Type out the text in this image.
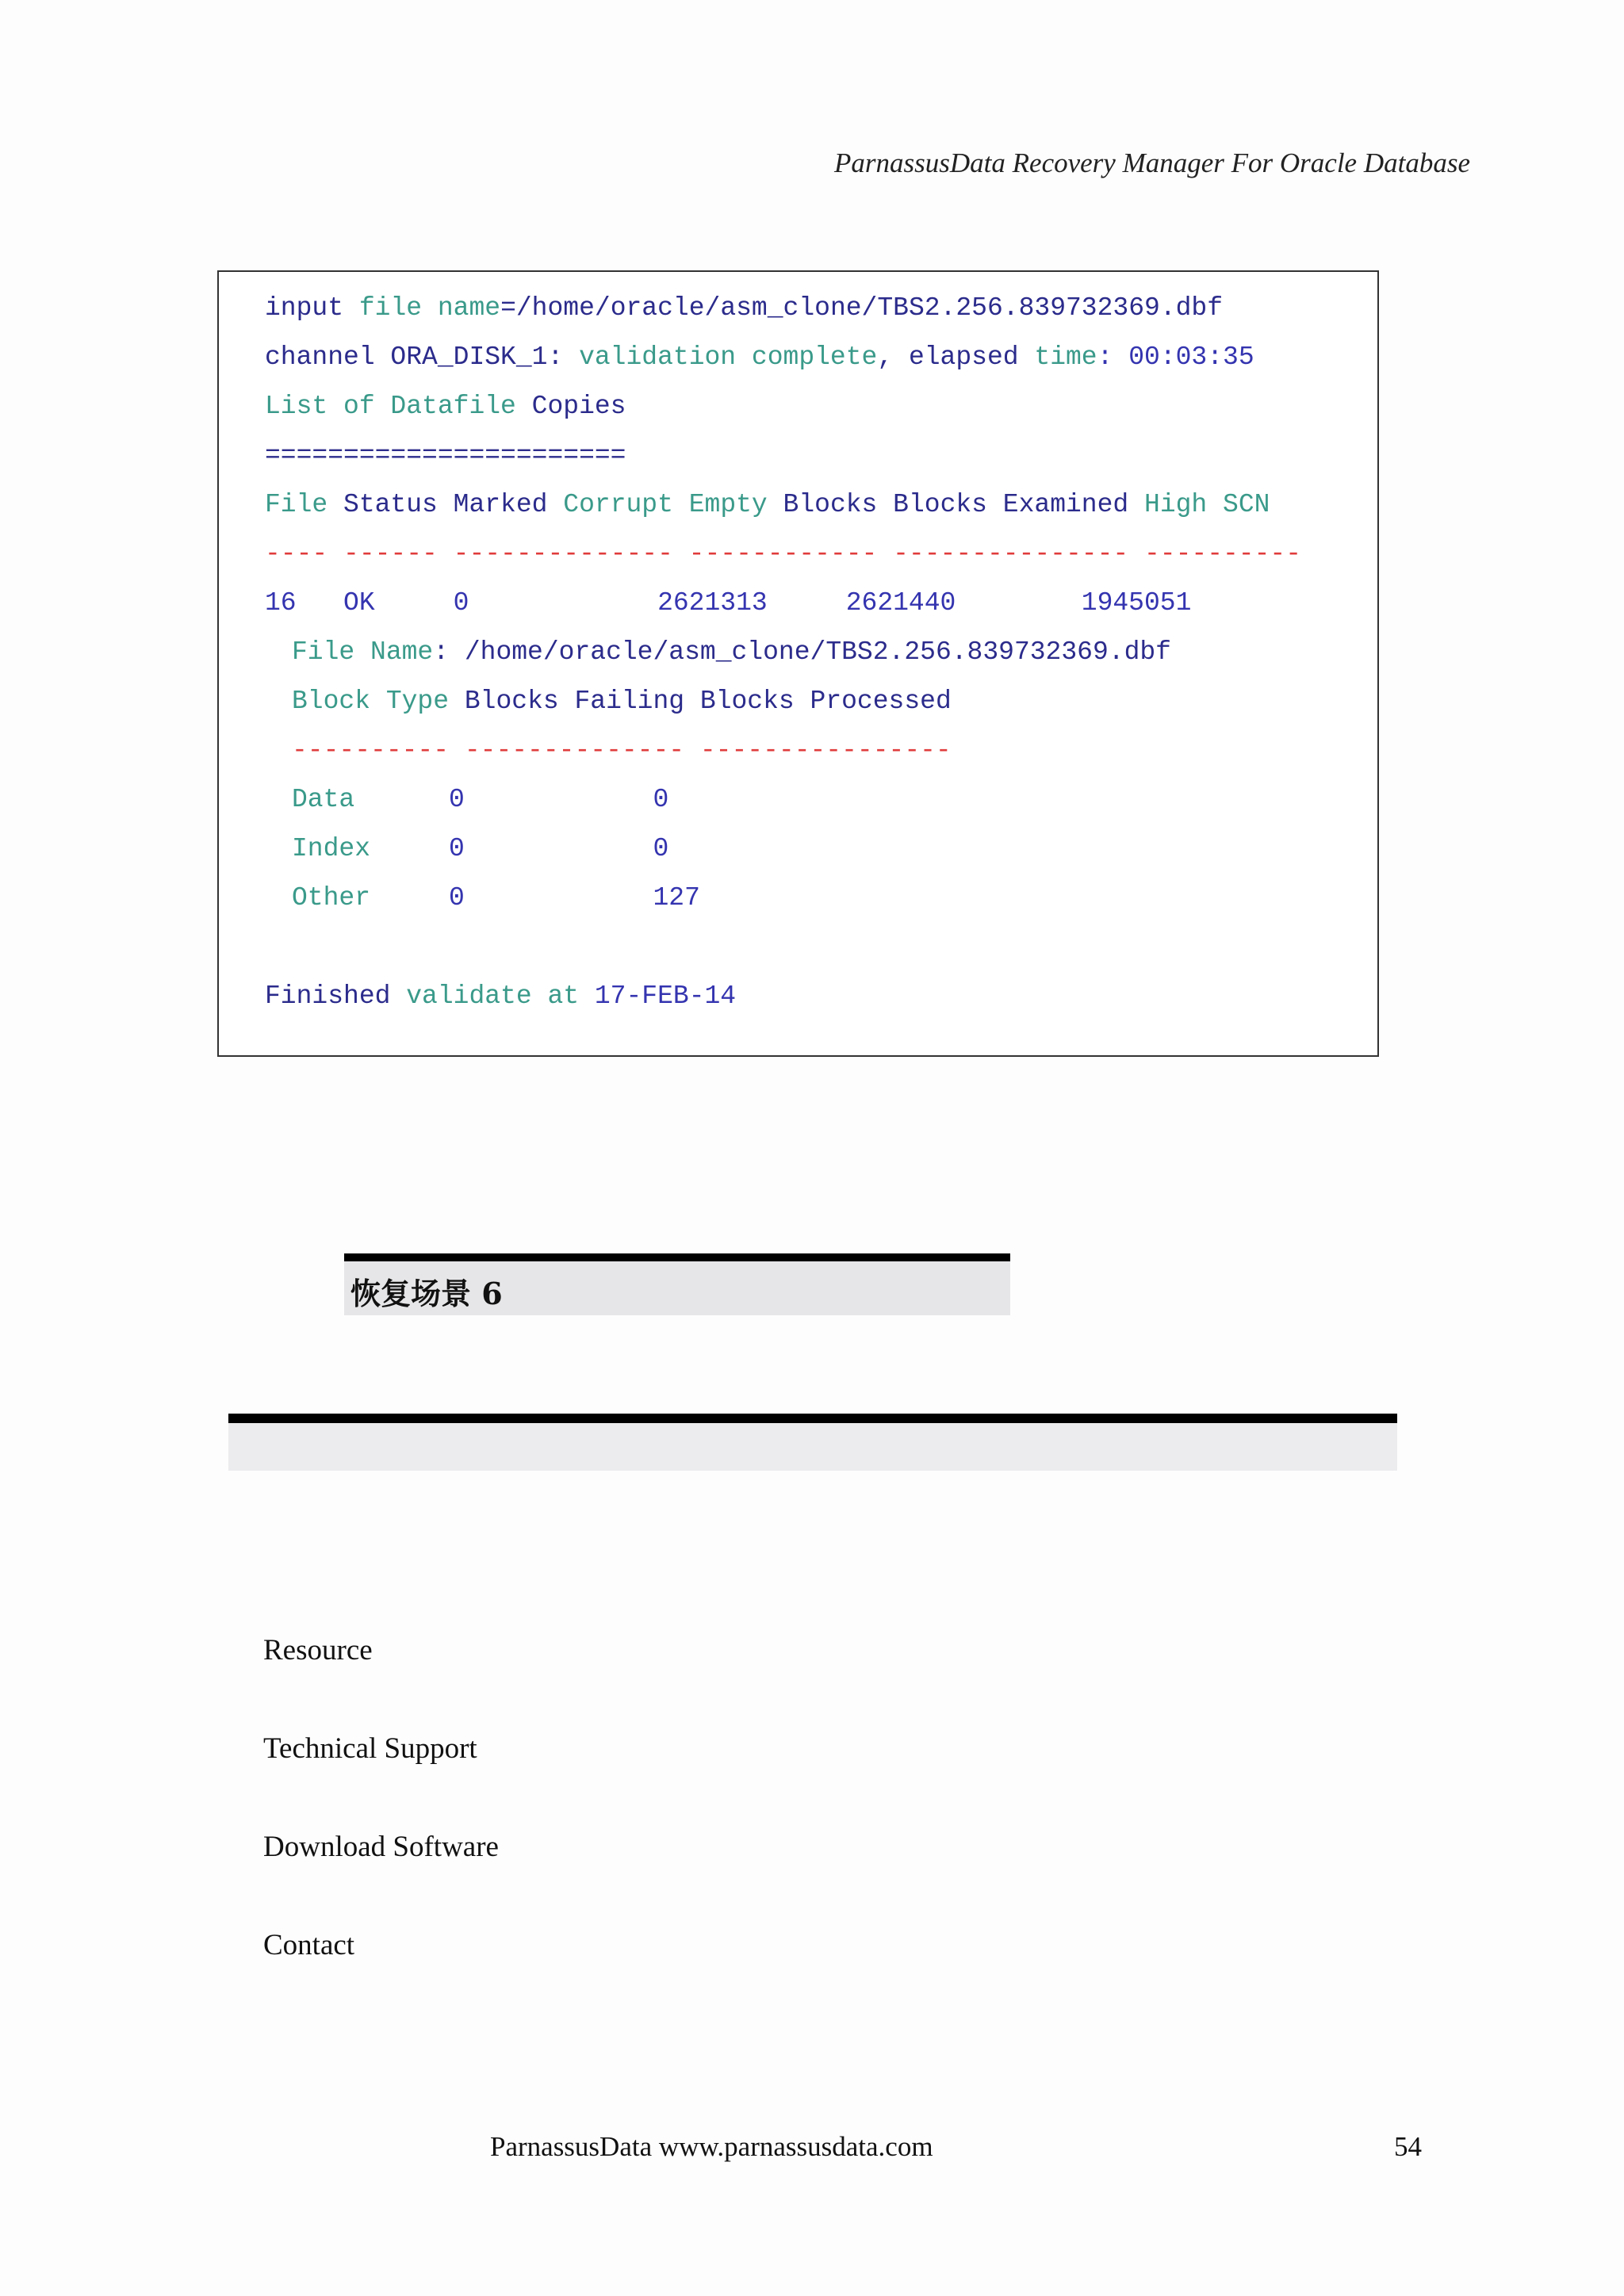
ParnassusData Recovery Manager For Oracle Database
input file name=/home/oracle/asm_clone/TBS2.256.839732369.dbf
channel ORA_DISK_1: validation complete, elapsed time: 00:03:35
List of Datafile Copies
=======================
File Status Marked Corrupt Empty Blocks Blocks Examined High SCN
---- ------ -------------- ------------ --------------- ----------
16   OK     0            2621313     2621440        1945051
File Name: /home/oracle/asm_clone/TBS2.256.839732369.dbf
Block Type Blocks Failing Blocks Processed
---------- -------------- ----------------
Data      0            0
Index     0            0
Other     0            127
Finished validate at 17-FEB-14
恢复场景 6
Resource
Technical Support
Download Software
Contact
ParnassusData www.parnassusdata.com	54
